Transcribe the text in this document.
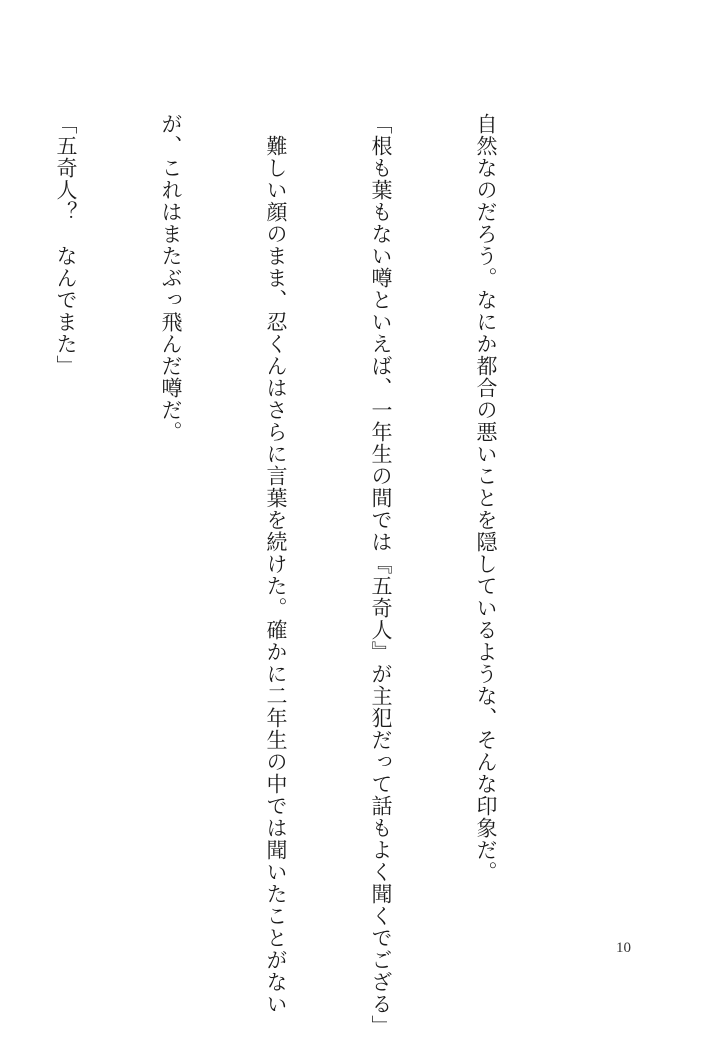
自然なのだろう。なにか都合の悪いことを隠しているような、そんな印象だ。

「根も葉もない噂といえば、一年生の間では『五奇人』が主犯だって話もよく聞くでござる」

　難しい顔のまま、忍くんはさらに言葉を続けた。確かに二年生の中では聞いたことがない

が、これはまたぶっ飛んだ噂だ。

「五奇人？　なんでまた」

10
